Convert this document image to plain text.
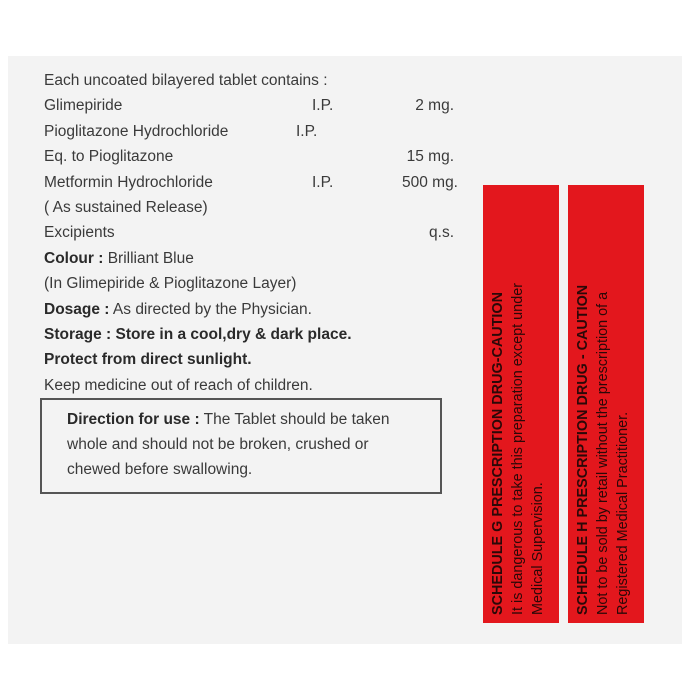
Each uncoated bilayered tablet contains :
Glimepiride	I.P.	2 mg.
Pioglitazone Hydrochloride	I.P.
Eq. to Pioglitazone	15 mg.
Metformin Hydrochloride	I.P.	500 mg.
( As sustained Release)
Excipients	q.s.
Colour : Brilliant Blue
(In Glimepiride & Pioglitazone Layer)
Dosage : As directed by the Physician.
Storage : Store in a cool,dry & dark place.
Protect from direct sunlight.
Keep medicine out of reach of children.
Direction for use : The Tablet should be taken
whole and should not be broken, crushed or
chewed before swallowing.	SCHEDULE G PRESCRIPTION DRUG-CAUTION It is dangerous to take this preparation except under Medical Supervision. SCHEDULE H PRESCRIPTION DRUG - CAUTION Not to be sold by retail without the prescription of a Registered Medical Practitioner.
